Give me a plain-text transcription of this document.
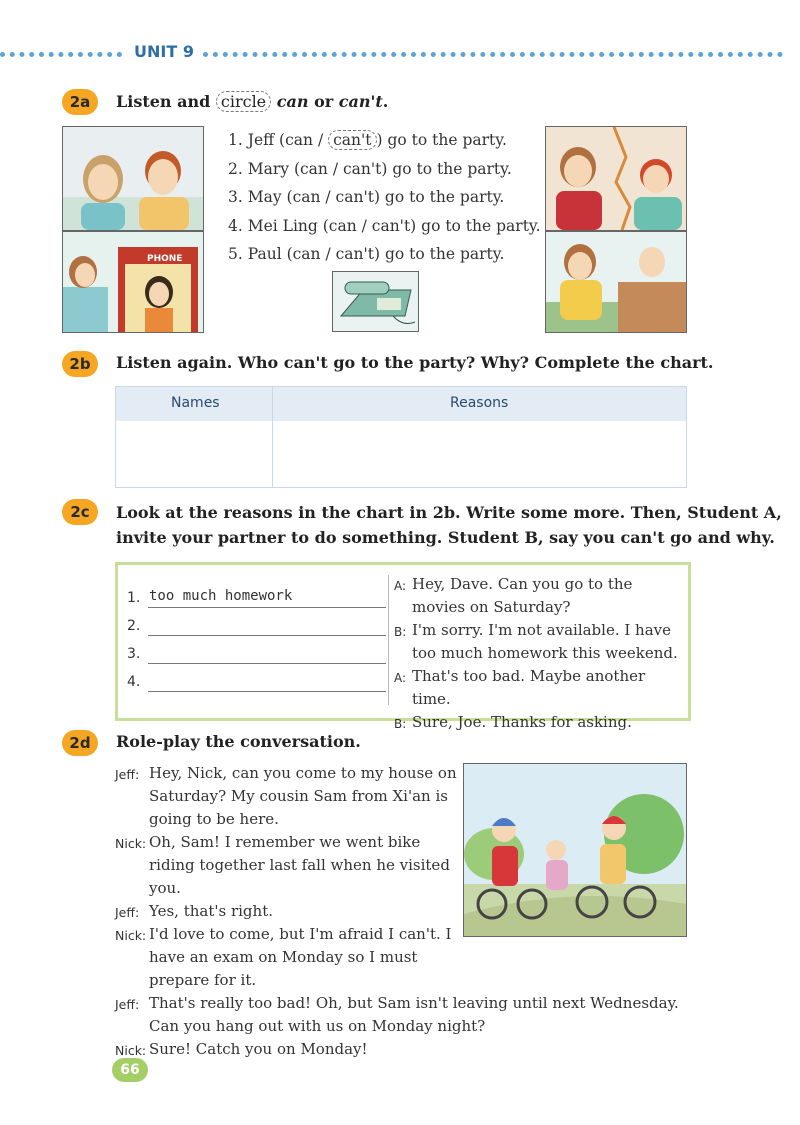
UNIT 9
2a	Listen and circle can or can't.
1. Jeff (can / can't ) go to the party.
2. Mary (can / can't) go to the party.
3. May (can / can't) go to the party.
4. Mei Ling (can / can't) go to the party.
5. Paul (can / can't) go to the party.
PHONE
2b	Listen again. Who can't go to the party? Why? Complete the chart.
Names	Reasons
2c	Look at the reasons in the chart in 2b. Write some more. Then, Student A,
invite your partner to do something. Student B, say you can't go and why.
1. too much homework
2.
3.
4.
A: Hey, Dave. Can you go to the movies on Saturday?
B: I'm sorry. I'm not available. I have too much homework this weekend.
A: That's too bad. Maybe another time.
B: Sure, Joe. Thanks for asking.
2d	Role-play the conversation.
Jeff: Hey, Nick, can you come to my house on Saturday? My cousin Sam from Xi'an is going to be here.
Nick: Oh, Sam! I remember we went bike riding together last fall when he visited you.
Jeff: Yes, that's right.
Nick: I'd love to come, but I'm afraid I can't. I have an exam on Monday so I must prepare for it.
Jeff: That's really too bad! Oh, but Sam isn't leaving until next Wednesday. Can you hang out with us on Monday night?
Nick: Sure! Catch you on Monday!
66
